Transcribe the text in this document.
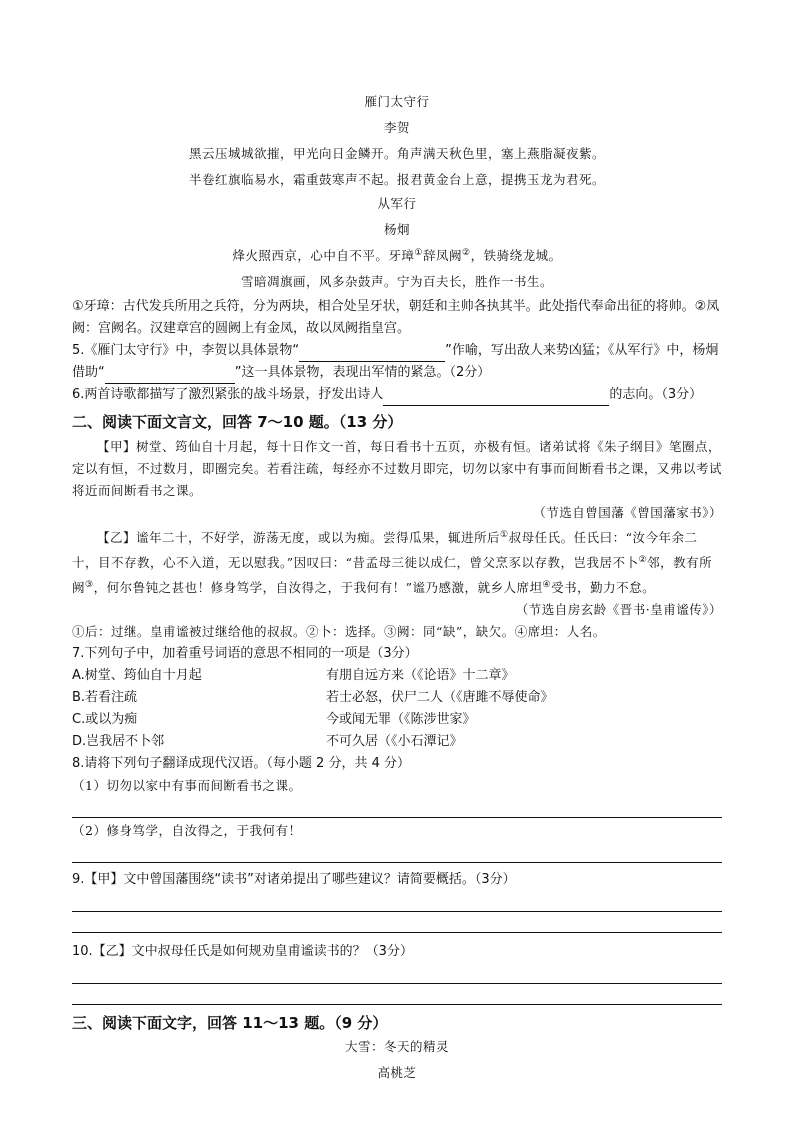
雁门太守行

李贺

黑云压城城欲摧，甲光向日金鳞开。角声满天秋色里，塞上燕脂凝夜紫。

半卷红旗临易水，霜重鼓寒声不起。报君黄金台上意，提携玉龙为君死。

从军行

杨炯

烽火照西京，心中自不平。牙璋①辞凤阙②，铁骑绕龙城。

雪暗凋旗画，风多杂鼓声。宁为百夫长，胜作一书生。

①牙璋：古代发兵所用之兵符，分为两块，相合处呈牙状，朝廷和主帅各执其半。此处指代奉命出征的将帅。②凤阙：宫阙名。汉建章宫的圆阙上有金凤，故以凤阙指皇宫。

5.《雁门太守行》中，李贺以具体景物“	”作喻，写出敌人来势凶猛；《从军行》中，杨炯借助“	”这一具体景物，表现出军情的紧急。（2分）

6.两首诗歌都描写了激烈紧张的战斗场景，抒发出诗人	的志向。（3分）

二、阅读下面文言文，回答 7～10 题。（13 分）

【甲】树堂、筠仙自十月起，每十日作文一首，每日看书十五页，亦极有恒。诸弟试将《朱子纲目》笔圈点，定以有恒，不过数月，即圈完矣。若看注疏，每经亦不过数月即完，切勿以家中有事而间断看书之课，又弗以考试将近而间断看书之课。

（节选自曾国藩《曾国藩家书》）

【乙】谧年二十，不好学，游荡无度，或以为痴。尝得瓜果，辄进所后①叔母任氏。任氏曰：“汝今年余二十，目不存教，心不入道，无以慰我。”因叹曰：“昔孟母三徙以成仁，曾父烹豕以存教，岂我居不卜②邻，教有所阙③，何尔鲁钝之甚也！修身笃学，自汝得之，于我何有！”谧乃感激，就乡人席坦④受书，勤力不怠。

（节选自房玄龄《晋书·皇甫谧传》）

①后：过继。皇甫谧被过继给他的叔叔。②卜：选择。③阙：同“缺”，缺欠。④席坦：人名。

7.下列句子中，加着重号词语的意思不相同的一项是（3分）

A.树堂、筠仙自十月起	有朋自远方来（《论语》十二章》
B.若看注疏	若士必怒，伏尸二人（《唐雎不辱使命》
C.或以为痴	今或闻无罪（《陈涉世家》
D.岂我居不卜邻	不可久居（《小石潭记》

8.请将下列句子翻译成现代汉语。（每小题 2 分，共 4 分）

（1）切勿以家中有事而间断看书之课。

（2）修身笃学，自汝得之，于我何有！

9.【甲】文中曾国藩围绕“读书”对诸弟提出了哪些建议？请简要概括。（3分）

10.【乙】文中叔母任氏是如何规劝皇甫谧读书的？（3分）

三、阅读下面文字，回答 11～13 题。（9 分）

大雪：冬天的精灵

高桃芝
